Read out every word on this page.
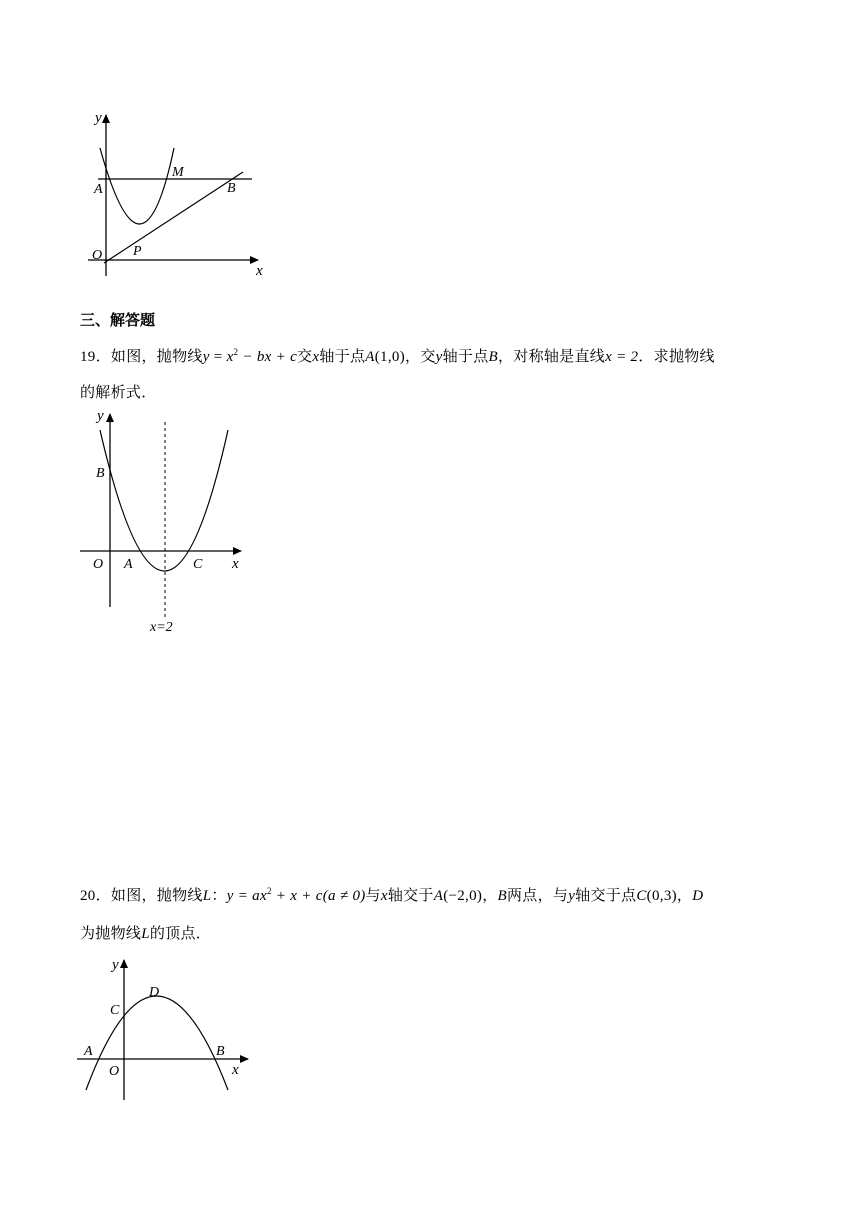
y
A
M
B
O P
x
三、解答题
19．如图，抛物线$y = x^2$ − bx + c交x轴于点A(1,0)，交y轴于点B，对称轴是直线x = 2．求抛物线
的解析式．
y
B
O A	C x
x=2
20．如图，抛物线L：$y = ax^2 + x + c(a \ne 0)$与x轴交于A(−2,0)，B两点，与y轴交于点C(0,3)，D
为抛物线L的顶点．
y
D
C
A	B
O	x
